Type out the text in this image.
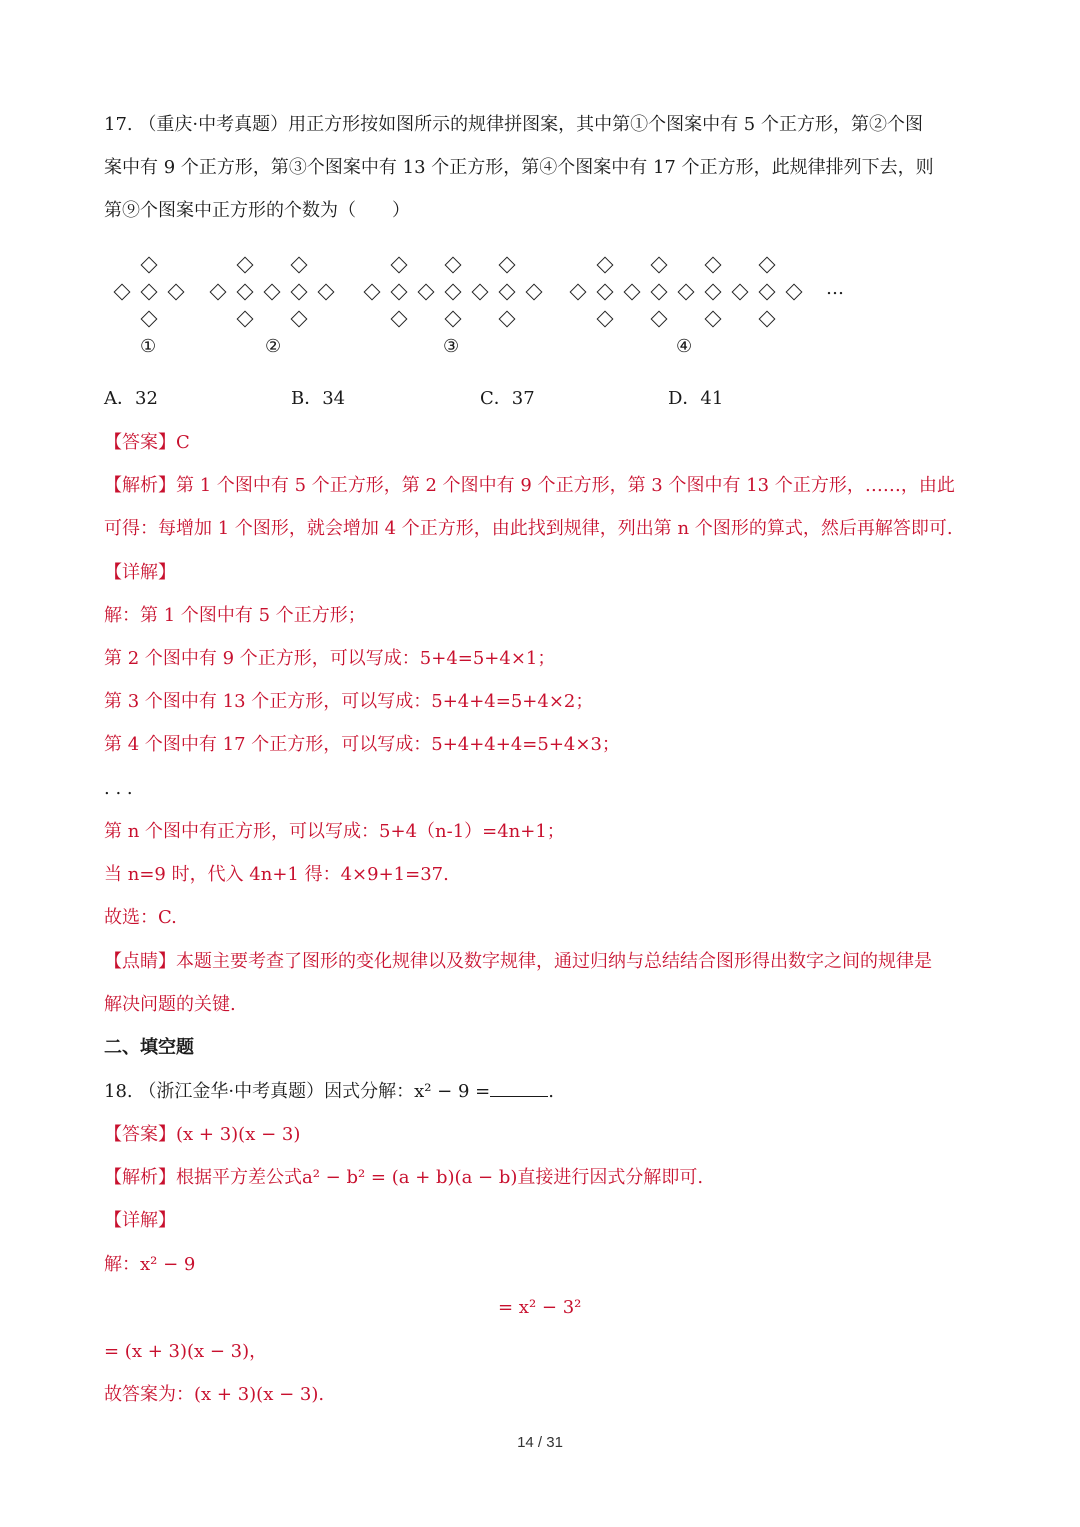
17. （重庆·中考真题）用正方形按如图所示的规律拼图案，其中第①个图案中有 5 个正方形，第②个图
案中有 9 个正方形，第③个图案中有 13 个正方形，第④个图案中有 17 个正方形，此规律排列下去，则
第⑨个图案中正方形的个数为（　　）
①	②	③	④
…
A．32	B．34	C．37	D．41
【答案】C
【解析】第 1 个图中有 5 个正方形，第 2 个图中有 9 个正方形，第 3 个图中有 13 个正方形，……，由此
可得：每增加 1 个图形，就会增加 4 个正方形，由此找到规律，列出第 n 个图形的算式，然后再解答即可.
【详解】
解：第 1 个图中有 5 个正方形；
第 2 个图中有 9 个正方形，可以写成：5+4=5+4×1；
第 3 个图中有 13 个正方形，可以写成：5+4+4=5+4×2；
第 4 个图中有 17 个正方形，可以写成：5+4+4+4=5+4×3；
. . .
第 n 个图中有正方形，可以写成：5+4（n-1）=4n+1；
当 n=9 时，代入 4n+1 得：4×9+1=37.
故选：C.
【点睛】本题主要考查了图形的变化规律以及数字规律，通过归纳与总结结合图形得出数字之间的规律是
解决问题的关键.
二、填空题
18. （浙江金华·中考真题）因式分解：x² − 9 =	.
【答案】(x + 3)(x − 3)
【解析】根据平方差公式a² − b² = (a + b)(a − b)直接进行因式分解即可.
【详解】
解：x² − 9
= x² − 3²
= (x + 3)(x − 3)，
故答案为：(x + 3)(x − 3).
14 / 31
